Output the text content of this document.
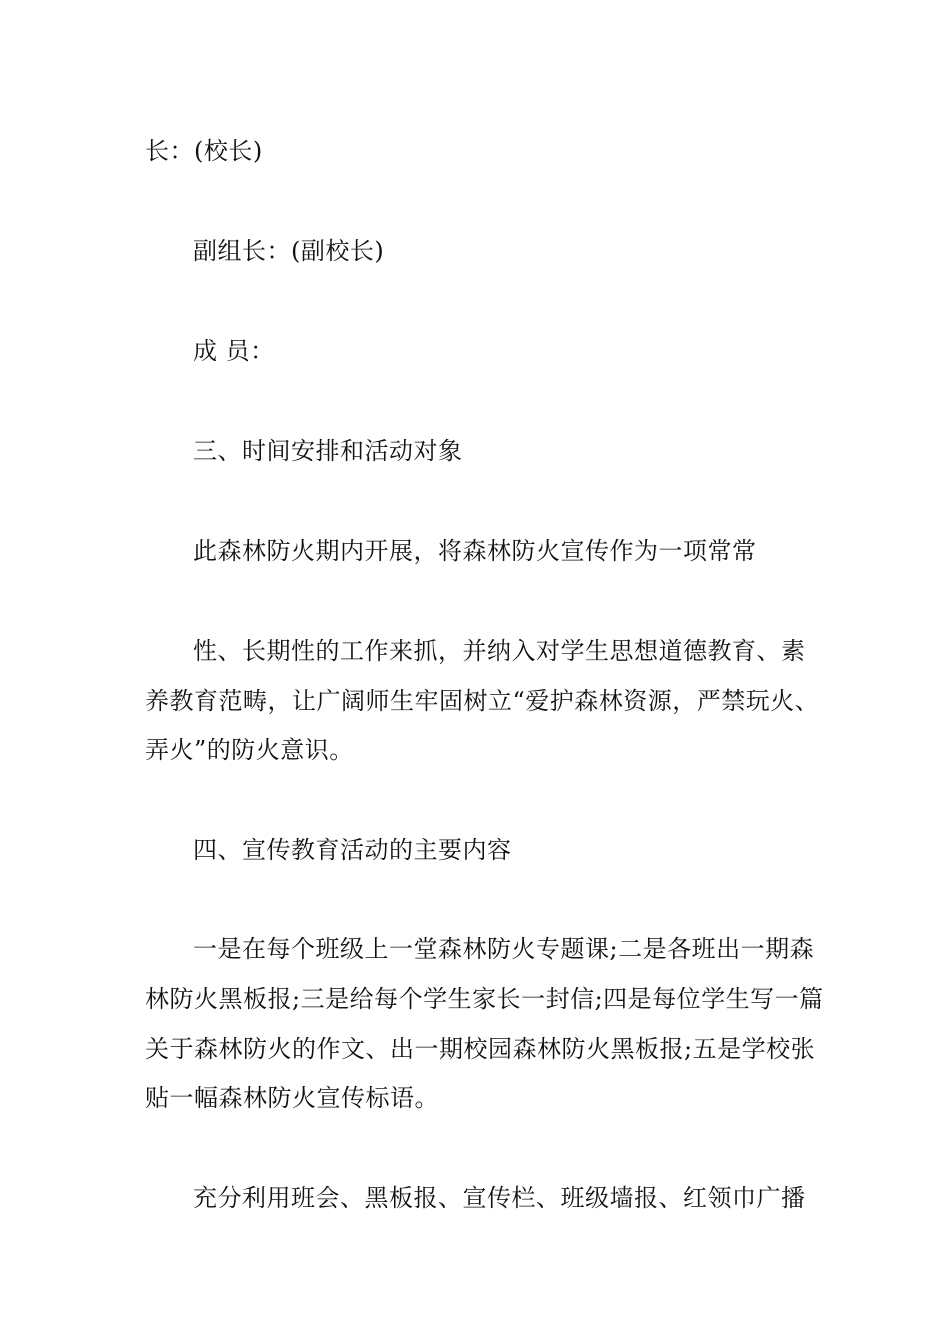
长：(校长)
副组长：(副校长)
成 员：
三、时间安排和活动对象
此森林防火期内开展，将森林防火宣传作为一项常常
性、长期性的工作来抓，并纳入对学生思想道德教育、素
养教育范畴，让广阔师生牢固树立“爱护森林资源，严禁玩火、
弄火”的防火意识。
四、宣传教育活动的主要内容
一是在每个班级上一堂森林防火专题课;二是各班出一期森
林防火黑板报;三是给每个学生家长一封信;四是每位学生写一篇
关于森林防火的作文、出一期校园森林防火黑板报;五是学校张
贴一幅森林防火宣传标语。
充分利用班会、黑板报、宣传栏、班级墙报、红领巾广播
